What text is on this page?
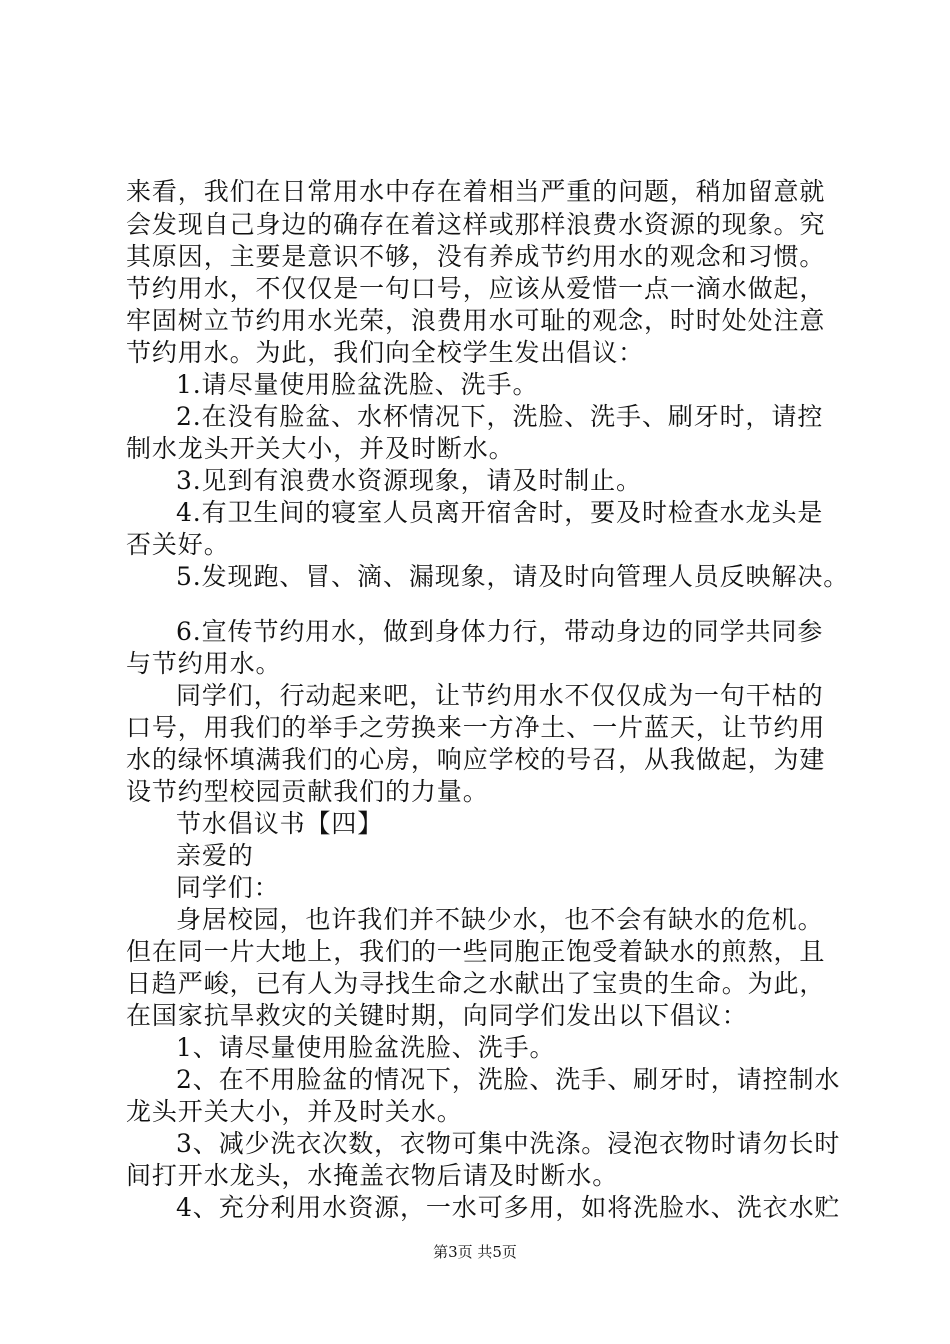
来看，我们在日常用水中存在着相当严重的问题，稍加留意就
会发现自己身边的确存在着这样或那样浪费水资源的现象。究
其原因，主要是意识不够，没有养成节约用水的观念和习惯。
节约用水，不仅仅是一句口号，应该从爱惜一点一滴水做起，
牢固树立节约用水光荣，浪费用水可耻的观念，时时处处注意
节约用水。为此，我们向全校学生发出倡议：
1.请尽量使用脸盆洗脸、洗手。
2.在没有脸盆、水杯情况下，洗脸、洗手、刷牙时，请控
制水龙头开关大小，并及时断水。
3.见到有浪费水资源现象，请及时制止。
4.有卫生间的寝室人员离开宿舍时，要及时检查水龙头是
否关好。
5.发现跑、冒、滴、漏现象，请及时向管理人员反映解决。
6.宣传节约用水，做到身体力行，带动身边的同学共同参
与节约用水。
同学们，行动起来吧，让节约用水不仅仅成为一句干枯的
口号，用我们的举手之劳换来一方净土、一片蓝天，让节约用
水的绿怀填满我们的心房，响应学校的号召，从我做起，为建
设节约型校园贡献我们的力量。
节水倡议书【四】
亲爱的
同学们：
身居校园，也许我们并不缺少水，也不会有缺水的危机。
但在同一片大地上，我们的一些同胞正饱受着缺水的煎熬，且
日趋严峻，已有人为寻找生命之水献出了宝贵的生命。为此，
在国家抗旱救灾的关键时期，向同学们发出以下倡议：
1、请尽量使用脸盆洗脸、洗手。
2、在不用脸盆的情况下，洗脸、洗手、刷牙时，请控制水
龙头开关大小，并及时关水。
3、减少洗衣次数，衣物可集中洗涤。浸泡衣物时请勿长时
间打开水龙头，水掩盖衣物后请及时断水。
4、充分利用水资源，一水可多用，如将洗脸水、洗衣水贮
第3页 共5页
